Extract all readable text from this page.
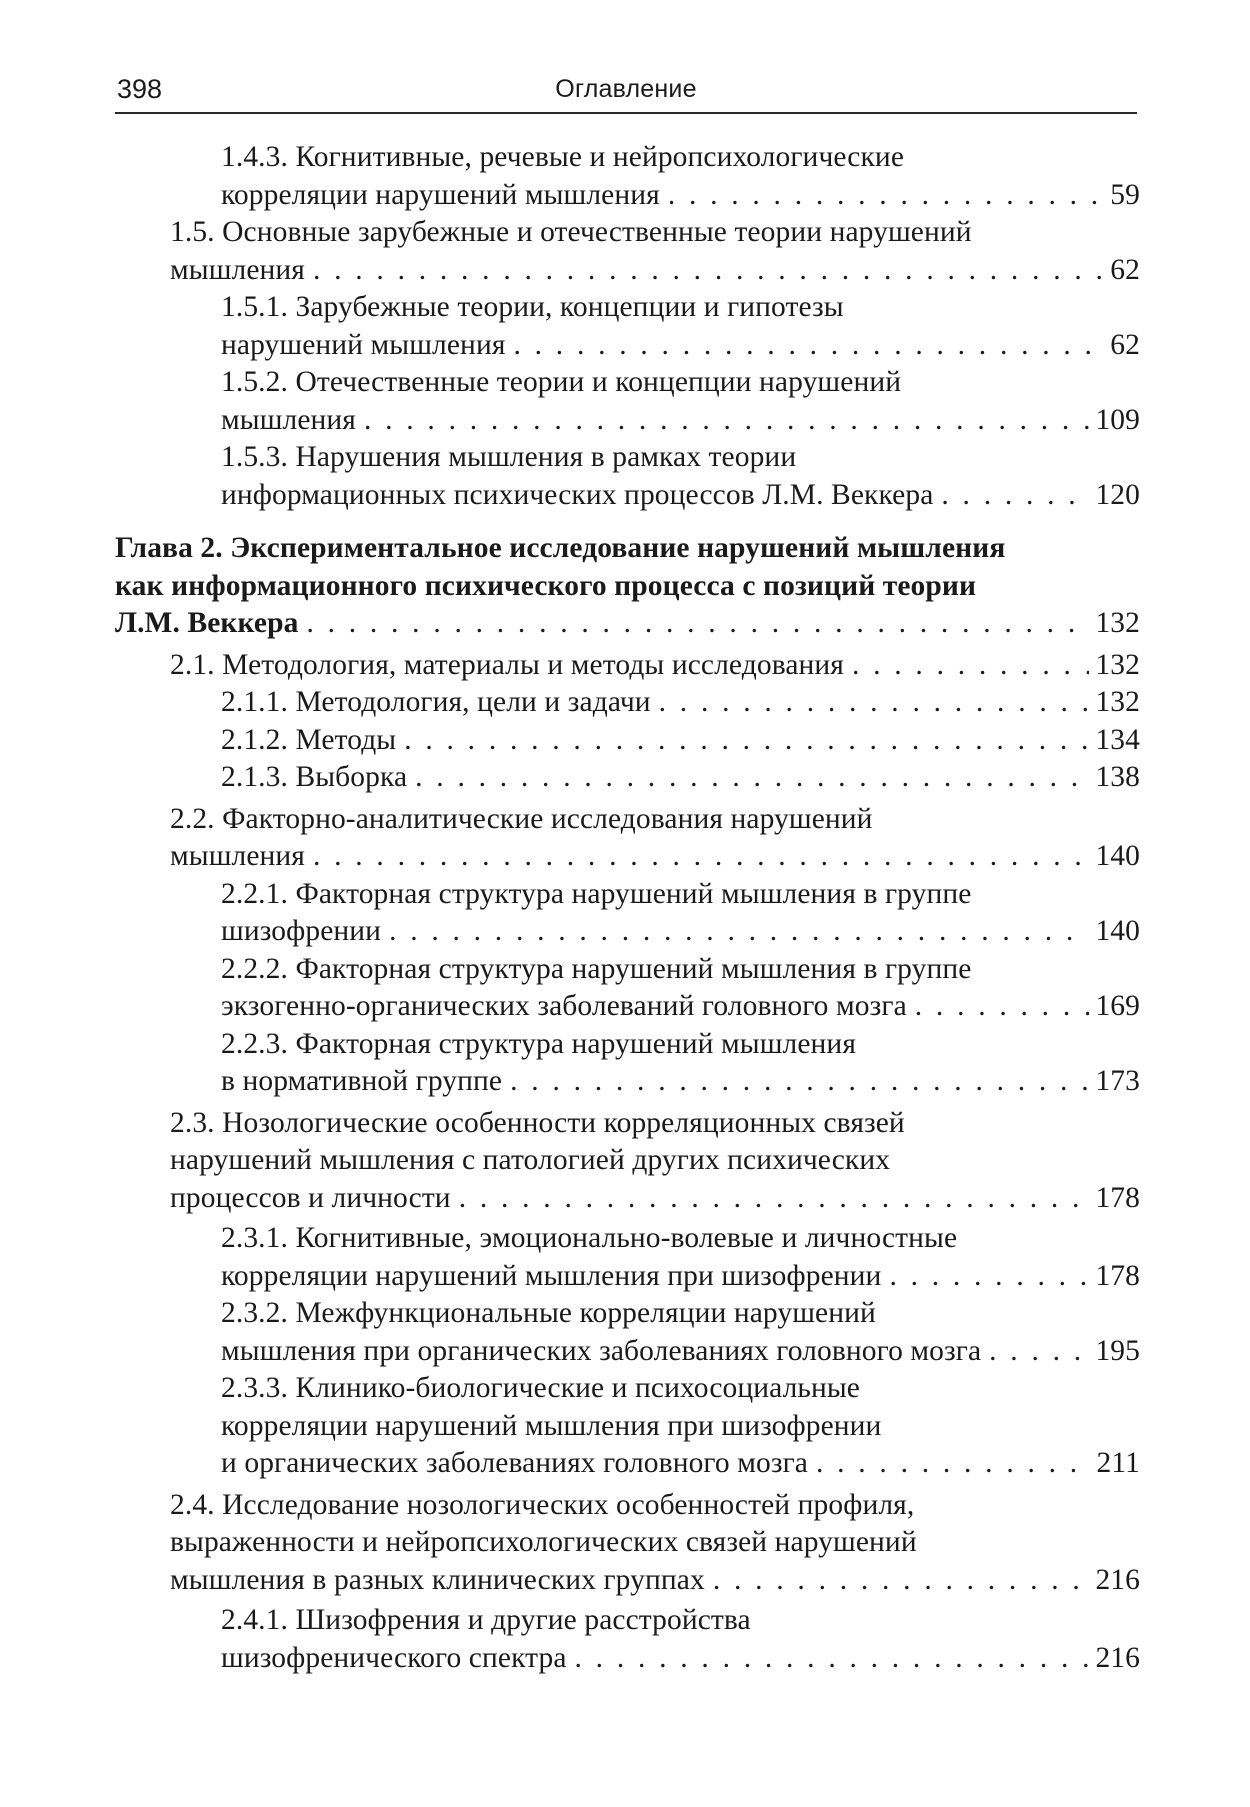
398	Оглавление
1.4.3. Когнитивные, речевые и нейропсихологические
корреляции нарушений мышления . . .	59
1.5. Основные зарубежные и отечественные теории нарушений
мышления . . .	62
1.5.1. Зарубежные теории, концепции и гипотезы
нарушений мышления . . .	62
1.5.2. Отечественные теории и концепции нарушений
мышления . . .	109
1.5.3. Нарушения мышления в рамках теории
информационных психических процессов Л.М. Веккера . . .	120
Глава 2. Экспериментальное исследование нарушений мышления
как информационного психического процесса с позиций теории
Л.М. Веккера . . .	132
2.1. Методология, материалы и методы исследования . . .	132
2.1.1. Методология, цели и задачи . . .	132
2.1.2. Методы . . .	134
2.1.3. Выборка . . .	138
2.2. Факторно-аналитические исследования нарушений
мышления . . .	140
2.2.1. Факторная структура нарушений мышления в группе
шизофрении . . .	140
2.2.2. Факторная структура нарушений мышления в группе
экзогенно-органических заболеваний головного мозга . . .	169
2.2.3. Факторная структура нарушений мышления
в нормативной группе . . .	173
2.3. Нозологические особенности корреляционных связей
нарушений мышления с патологией других психических
процессов и личности . . .	178
2.3.1. Когнитивные, эмоционально-волевые и личностные
корреляции нарушений мышления при шизофрении . . .	178
2.3.2. Межфункциональные корреляции нарушений
мышления при органических заболеваниях головного мозга . . .	195
2.3.3. Клинико-биологические и психосоциальные
корреляции нарушений мышления при шизофрении
и органических заболеваниях головного мозга . . .	211
2.4. Исследование нозологических особенностей профиля,
выраженности и нейропсихологических связей нарушений
мышления в разных клинических группах . . .	216
2.4.1. Шизофрения и другие расстройства
шизофренического спектра . . .	216
